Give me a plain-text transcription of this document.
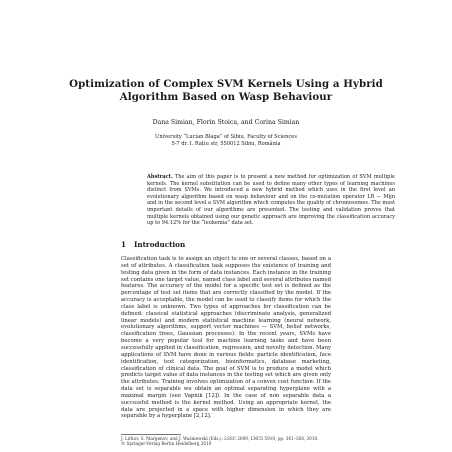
Optimization of Complex SVM Kernels Using a Hybrid Algorithm Based on Wasp Behaviour
Dana Simian, Florin Stoica, and Corina Simian
University “Lucian Blaga” of Sibiu, Faculty of Sciences
5-7 dr. I. Rațiu str, 550012 Sibiu, România
Abstract. The aim of this paper is to present a new method for optimization of SVM multiple kernels. The kernel substitution can be used to define many other types of learning machines distinct from SVMs. We introduced a new hybrid method which uses in the first level an evolutionary algorithm based on wasp behaviour and on the co-mutation operator LR − Mijn and in the second level a SVM algorithm which computes the quality of chromosomes. The most important details of our algorithms are presented. The testing and validation proves that multiple kernels obtained using our genetic approach are improving the classification accuracy up to 94.12% for the “leukemia” data set.
1 Introduction
Classification task is to assign an object to one or several classes, based on a set of attributes. A classification task supposes the existence of training and testing data given in the form of data instances. Each instance in the training set contains one target value, named class label and several attributes named features. The accuracy of the model for a specific test set is defined as the percentage of test set items that are correctly classified by the model. If the accuracy is acceptable, the model can be used to classify items for which the class label is unknown. Two types of approaches for classification can be defined: classical statistical approaches (discriminate analysis, generalized linear models) and modern statistical machine learning (neural network, evolutionary algorithms, support vector machines — SVM, belief networks, classification trees, Gaussian processes). In the recent years, SVMs have become a very popular tool for machine learning tasks and have been successfully applied in classification, regression, and novelty detection. Many applications of SVM have done in various fields: particle identification, face identification, text categorization, bioinformatics, database marketing, classification of clinical data. The goal of SVM is to produce a model which predicts target value of data instances in the testing set which are given only the attributes. Training involves optimization of a convex cost function: If the data set is separable we obtain an optimal separating hyperplane with a maximal margin (see Vapnik [12]). In the case of non separable data a successful method is the kernel method. Using an appropriate kernel, the data are projected in a space with higher dimension in which they are separable by a hyperplane [2,12].
J. Lirkov, S. Margenov, and J. Waśniewski (Eds.): LSSC 2009, LNCS 5910, pp. 361–368, 2010.
© Springer-Verlag Berlin Heidelberg 2010
